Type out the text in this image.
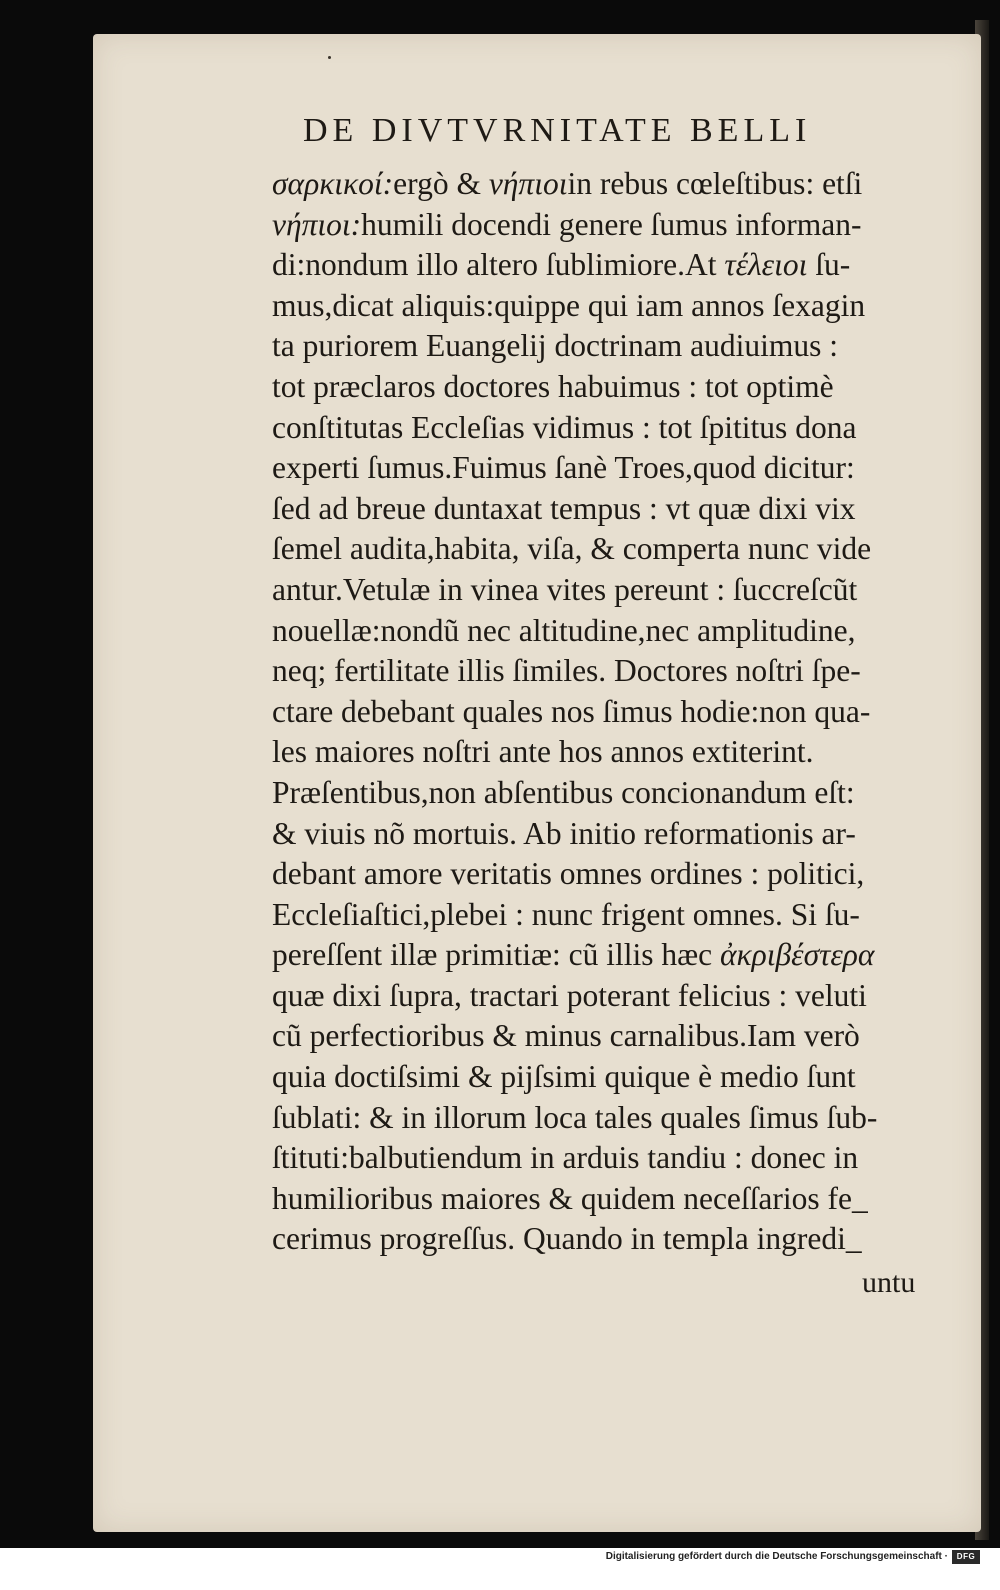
DE DIVTVRNITATE BELLI
σαρκικοί:ergò & νήπιοιin rebus cœleſtibus: etſi
νήπιοι:humili docendi genere ſumus informan-
di:nondum illo altero ſublimiore.At τέλειοι ſu-
mus,dicat aliquis:quippe qui iam annos ſexagin
ta puriorem Euangelij doctrinam audiuimus :
tot præclaros doctores habuimus : tot optimè
conſtitutas Eccleſias vidimus : tot ſpititus dona
experti ſumus.Fuimus ſanè Troes,quod dicitur:
ſed ad breue duntaxat tempus : vt quæ dixi vix
ſemel audita,habita, viſa, & comperta nunc vide
antur.Vetulæ in vinea vites pereunt : ſuccreſcũt
nouellæ:nondũ nec altitudine,nec amplitudine,
neq; fertilitate illis ſimiles. Doctores noſtri ſpe-
ctare debebant quales nos ſimus hodie:non qua-
les maiores noſtri ante hos annos extiterint.
Præſentibus,non abſentibus concionandum eſt:
& viuis nõ mortuis. Ab initio reformationis ar-
debant amore veritatis omnes ordines : politici,
Eccleſiaſtici,plebei : nunc frigent omnes. Si ſu-
pereſſent illæ primitiæ: cũ illis hæc ἀκριβέστερα
quæ dixi ſupra, tractari poterant felicius : veluti
cũ perfectioribus & minus carnalibus.Iam verò
quia doctiſsimi & pijſsimi quique è medio ſunt
ſublati: & in illorum loca tales quales ſimus ſub-
ſtituti:balbutiendum in arduis tandiu : donec in
humilioribus maiores & quidem neceſſarios fe_
cerimus progreſſus. Quando in templa ingredi_
untu
Digitalisierung gefördert durch die Deutsche Forschungsgemeinschaft ·	DFG
